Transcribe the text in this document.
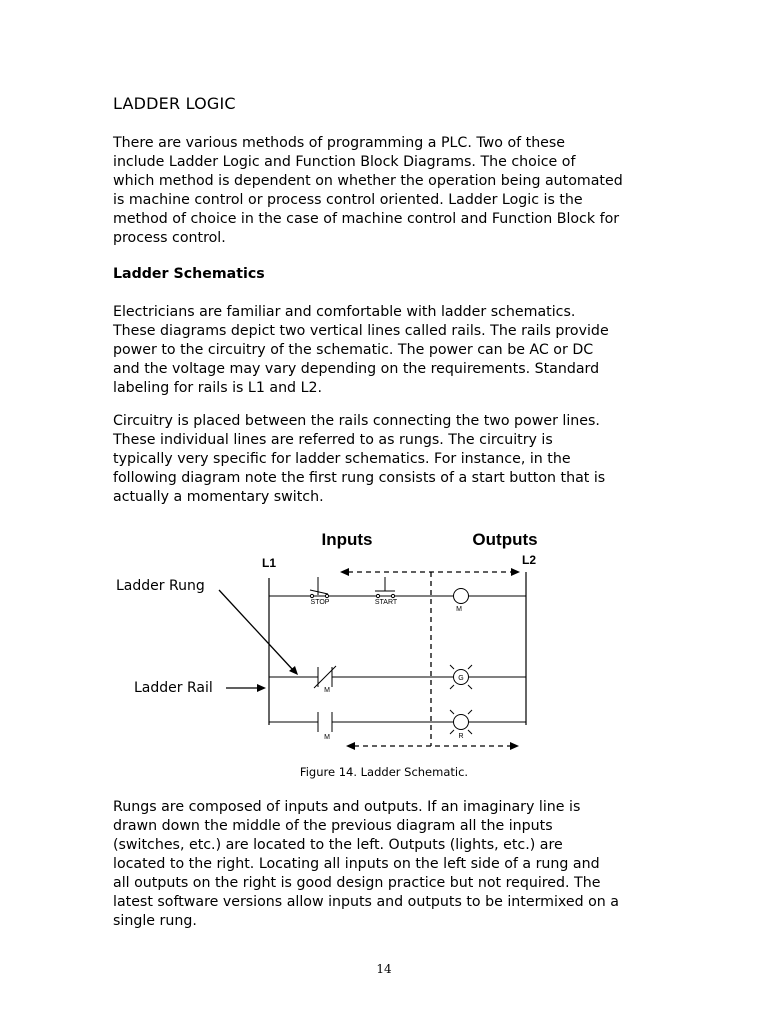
LADDER LOGIC

There are various methods of programming a PLC. Two of these
include Ladder Logic and Function Block Diagrams. The choice of
which method is dependent on whether the operation being automated
is machine control or process control oriented. Ladder Logic is the
method of choice in the case of machine control and Function Block for
process control.

Ladder Schematics

Electricians are familiar and comfortable with ladder schematics.
These diagrams depict two vertical lines called rails. The rails provide
power to the circuitry of the schematic. The power can be AC or DC
and the voltage may vary depending on the requirements. Standard
labeling for rails is L1 and L2.

Circuitry is placed between the rails connecting the two power lines.
These individual lines are referred to as rungs. The circuitry is
typically very specific for ladder schematics. For instance, in the
following diagram note the first rung consists of a start button that is
actually a momentary switch.

Inputs	Outputs
L1	L2
STOP	START
M
M
G
M	R
Ladder Rung
Ladder Rail
Figure 14. Ladder Schematic.

Rungs are composed of inputs and outputs. If an imaginary line is
drawn down the middle of the previous diagram all the inputs
(switches, etc.) are located to the left. Outputs (lights, etc.) are
located to the right. Locating all inputs on the left side of a rung and
all outputs on the right is good design practice but not required. The
latest software versions allow inputs and outputs to be intermixed on a
single rung.

14
